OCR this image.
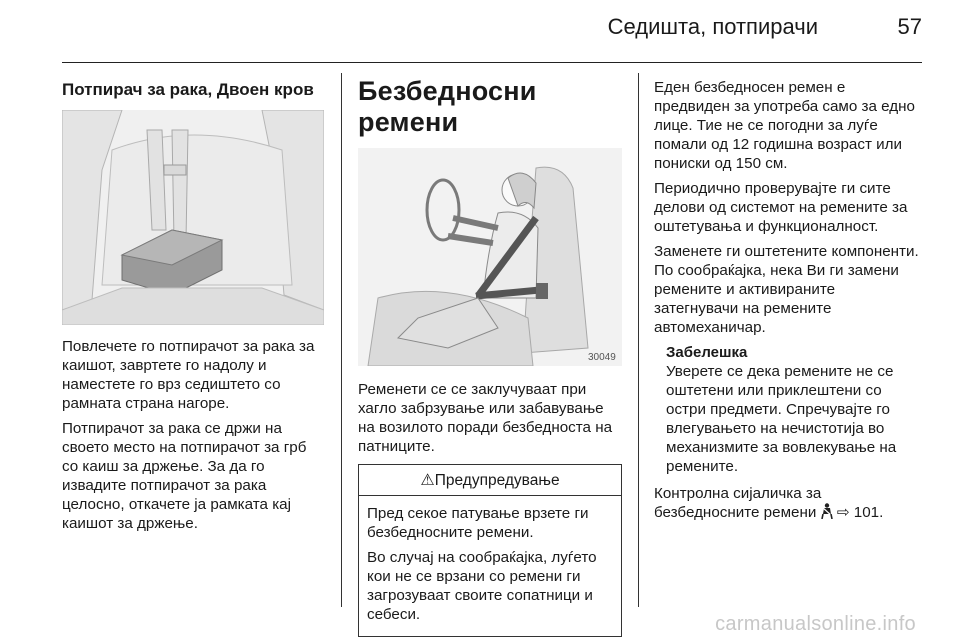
Седишта, потпирачи	57
Потпирач за рака, Двоен кров

Повлечете го потпирачот за рака за каишот, завртете го надолу и наместете го врз седиштето со рамната страна нагоре.

Потпирачот за рака се држи на своето место на потпирачот за грб со каиш за држење. За да го извадите потпирачот за рака целосно, откачете ја рамката кај каишот за држење.

Безбедносни ремени
30049

Ременети се се заклучуваат при хагло забрзување или забавување на возилото поради безбедноста на патниците.

⚠Предупредување

Пред секое патување врзете ги безбедносните ремени.

Во случај на сообраќајка, луѓето кои не се врзани со ремени ги загрозуваат своите сопатници и себеси.

Еден безбедносен ремен е предвиден за употреба само за едно лице. Тие не се погодни за луѓе помали од 12 годишна возраст или пониски од 150 см.

Периодично проверувајте ги сите делови од системот на ремените за оштетувања и функционалност.

Заменете ги оштетените компоненти. По сообраќајка, нека Ви ги замени ремените и активираните затегнувачи на ремените автомеханичар.

Забелешка

Уверете се дека ремените не се оштетени или приклештени со остри предмети. Спречувајте го влегувањето на нечистотија во механизмите за вовлекување на ремените.

Контролна сијаличка за безбедносните ремени ⇨ 101.

carmanualsonline.info
